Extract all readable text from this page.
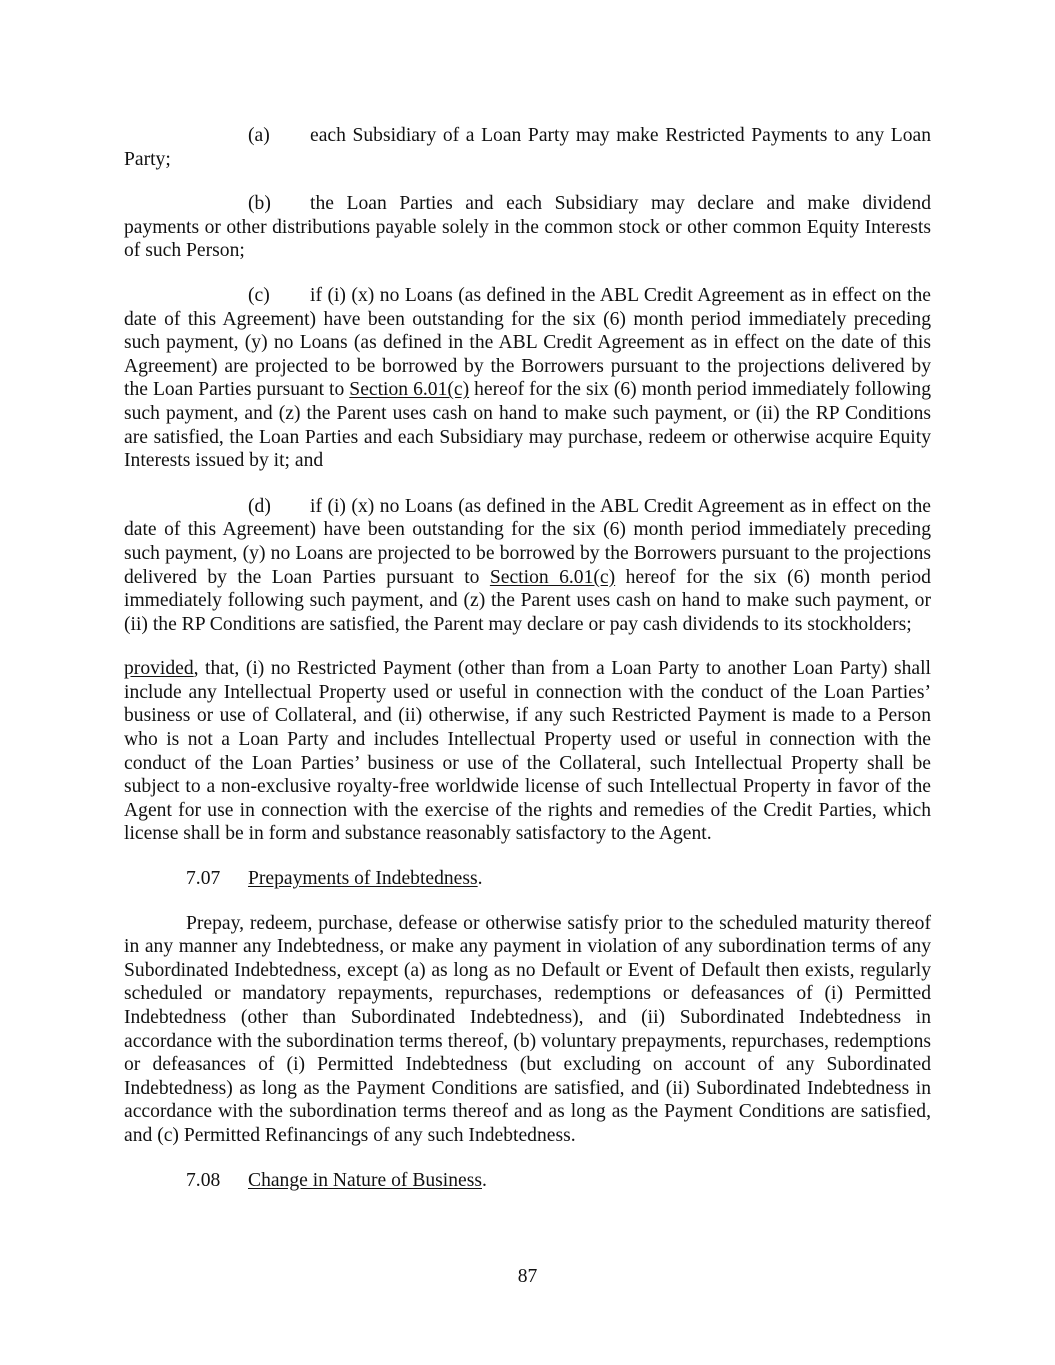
(a) each Subsidiary of a Loan Party may make Restricted Payments to any Loan Party;

(b) the Loan Parties and each Subsidiary may declare and make dividend payments or other distributions payable solely in the common stock or other common Equity Interests of such Person;

(c) if (i) (x) no Loans (as defined in the ABL Credit Agreement as in effect on the date of this Agreement) have been outstanding for the six (6) month period immediately preceding such payment, (y) no Loans (as defined in the ABL Credit Agreement as in effect on the date of this Agreement) are projected to be borrowed by the Borrowers pursuant to the projections delivered by the Loan Parties pursuant to Section 6.01(c) hereof for the six (6) month period immediately following such payment, and (z) the Parent uses cash on hand to make such payment, or (ii) the RP Conditions are satisfied, the Loan Parties and each Subsidiary may purchase, redeem or otherwise acquire Equity Interests issued by it; and

(d) if (i) (x) no Loans (as defined in the ABL Credit Agreement as in effect on the date of this Agreement) have been outstanding for the six (6) month period immediately preceding such payment, (y) no Loans are projected to be borrowed by the Borrowers pursuant to the projections delivered by the Loan Parties pursuant to Section 6.01(c) hereof for the six (6) month period immediately following such payment, and (z) the Parent uses cash on hand to make such payment, or (ii) the RP Conditions are satisfied, the Parent may declare or pay cash dividends to its stockholders;

provided, that, (i) no Restricted Payment (other than from a Loan Party to another Loan Party) shall include any Intellectual Property used or useful in connection with the conduct of the Loan Parties’ business or use of Collateral, and (ii) otherwise, if any such Restricted Payment is made to a Person who is not a Loan Party and includes Intellectual Property used or useful in connection with the conduct of the Loan Parties’ business or use of the Collateral, such Intellectual Property shall be subject to a non-exclusive royalty-free worldwide license of such Intellectual Property in favor of the Agent for use in connection with the exercise of the rights and remedies of the Credit Parties, which license shall be in form and substance reasonably satisfactory to the Agent.

7.07 Prepayments of Indebtedness.

Prepay, redeem, purchase, defease or otherwise satisfy prior to the scheduled maturity thereof in any manner any Indebtedness, or make any payment in violation of any subordination terms of any Subordinated Indebtedness, except (a) as long as no Default or Event of Default then exists, regularly scheduled or mandatory repayments, repurchases, redemptions or defeasances of (i) Permitted Indebtedness (other than Subordinated Indebtedness), and (ii) Subordinated Indebtedness in accordance with the subordination terms thereof, (b) voluntary prepayments, repurchases, redemptions or defeasances of (i) Permitted Indebtedness (but excluding on account of any Subordinated Indebtedness) as long as the Payment Conditions are satisfied, and (ii) Subordinated Indebtedness in accordance with the subordination terms thereof and as long as the Payment Conditions are satisfied, and (c) Permitted Refinancings of any such Indebtedness.

7.08 Change in Nature of Business.

87
